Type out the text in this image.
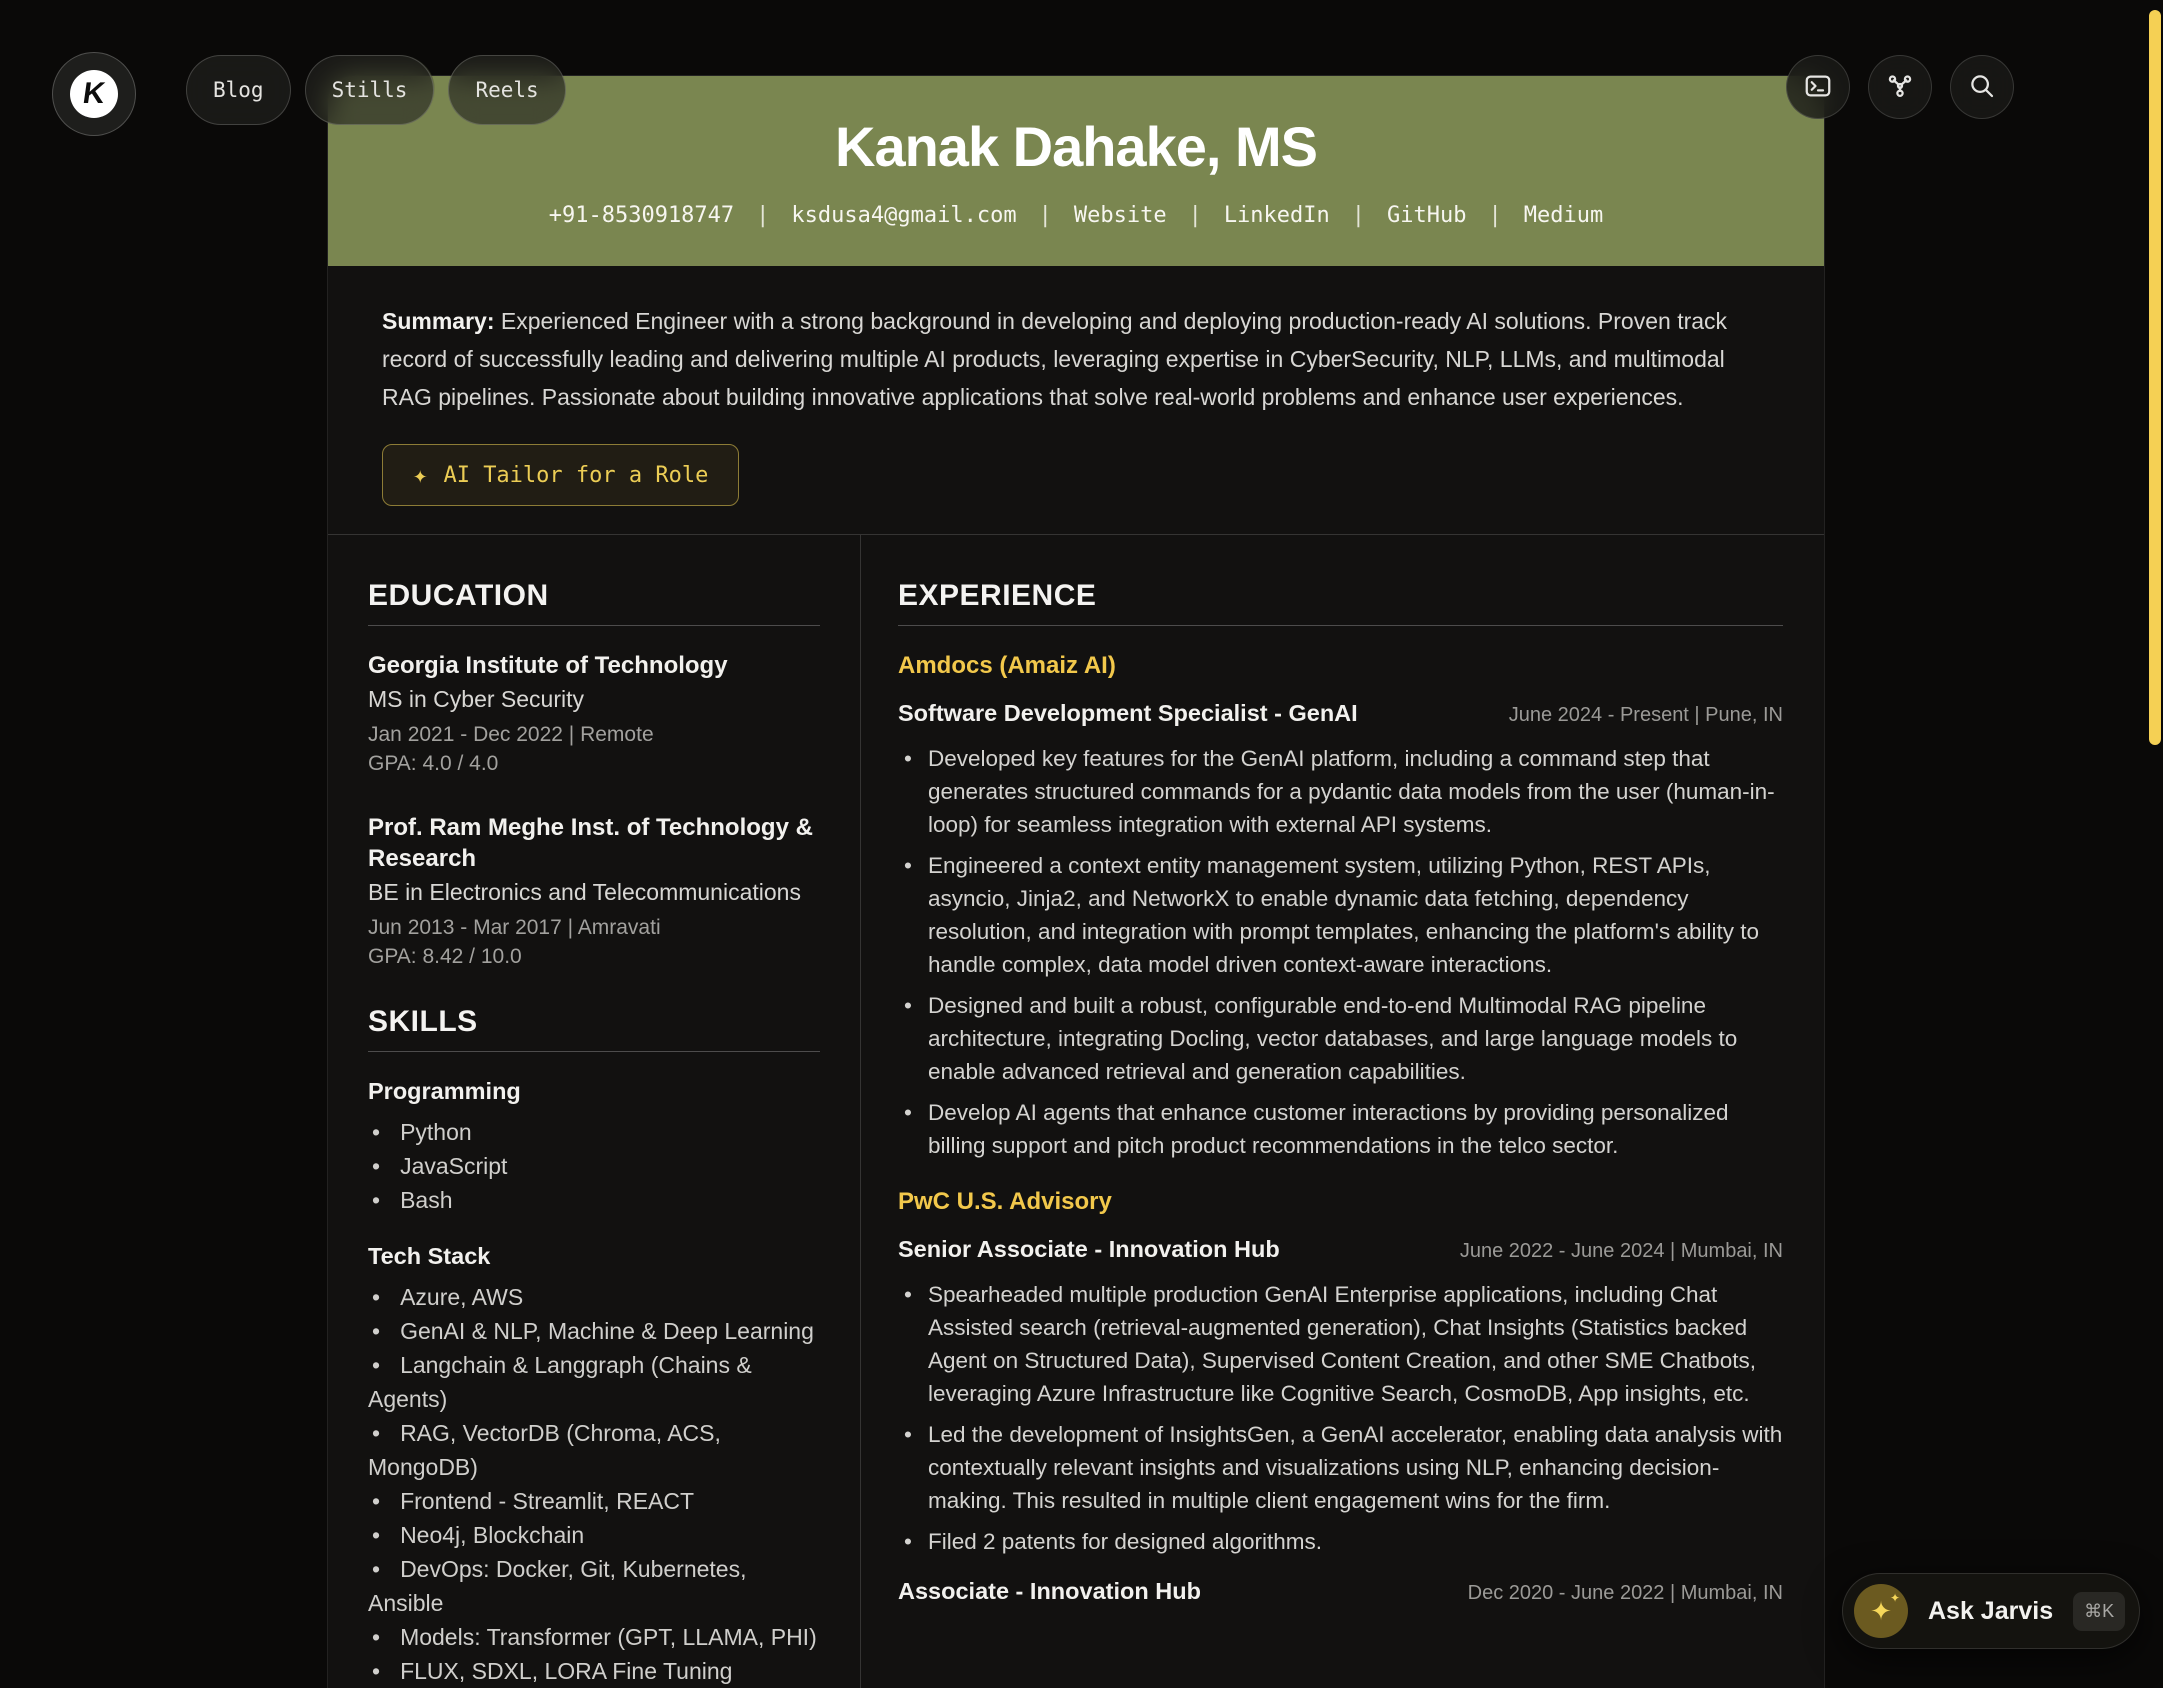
Kanak Dahake, MS
+91-8530918747 | ksdusa4@gmail.com | Website | LinkedIn | GitHub | Medium

Summary: Experienced Engineer with a strong background in developing and deploying production-ready AI solutions. Proven track record of successfully leading and delivering multiple AI products, leveraging expertise in CyberSecurity, NLP, LLMs, and multimodal RAG pipelines. Passionate about building innovative applications that solve real-world problems and enhance user experiences.

✦ AI Tailor for a Role
EDUCATION
Georgia Institute of Technology
MS in Cyber Security
Jan 2021 - Dec 2022 | Remote
GPA: 4.0 / 4.0
Prof. Ram Meghe Inst. of Technology & Research
BE in Electronics and Telecommunications
Jun 2013 - Mar 2017 | Amravati
GPA: 8.42 / 10.0
SKILLS
Programming
• Python
• JavaScript
• Bash
Tech Stack
• Azure, AWS
• GenAI & NLP, Machine & Deep Learning
• Langchain & Langgraph (Chains & Agents)
• RAG, VectorDB (Chroma, ACS, MongoDB)
• Frontend - Streamlit, REACT
• Neo4j, Blockchain
• DevOps: Docker, Git, Kubernetes, Ansible
• Models: Transformer (GPT, LLAMA, PHI)
• FLUX, SDXL, LORA Fine Tuning
EXPERIENCE
Amdocs (Amaiz AI)
Software Development Specialist - GenAI	June 2024 - Present | Pune, IN
• Developed key features for the GenAI platform, including a command step that generates structured commands for a pydantic data models from the user (human-in-loop) for seamless integration with external API systems.
• Engineered a context entity management system, utilizing Python, REST APIs, asyncio, Jinja2, and NetworkX to enable dynamic data fetching, dependency resolution, and integration with prompt templates, enhancing the platform's ability to handle complex, data model driven context-aware interactions.
• Designed and built a robust, configurable end-to-end Multimodal RAG pipeline architecture, integrating Docling, vector databases, and large language models to enable advanced retrieval and generation capabilities.
• Develop AI agents that enhance customer interactions by providing personalized billing support and pitch product recommendations in the telco sector.
PwC U.S. Advisory
Senior Associate - Innovation Hub	June 2022 - June 2024 | Mumbai, IN
• Spearheaded multiple production GenAI Enterprise applications, including Chat Assisted search (retrieval-augmented generation), Chat Insights (Statistics backed Agent on Structured Data), Supervised Content Creation, and other SME Chatbots, leveraging Azure Infrastructure like Cognitive Search, CosmoDB, App insights, etc.
• Led the development of InsightsGen, a GenAI accelerator, enabling data analysis with contextually relevant insights and visualizations using NLP, enhancing decision-making. This resulted in multiple client engagement wins for the firm.
• Filed 2 patents for designed algorithms.
Associate - Innovation Hub	Dec 2020 - June 2022 | Mumbai, IN
K	Blog	Stills	Reels
✦
✦ Ask Jarvis	⌘K
